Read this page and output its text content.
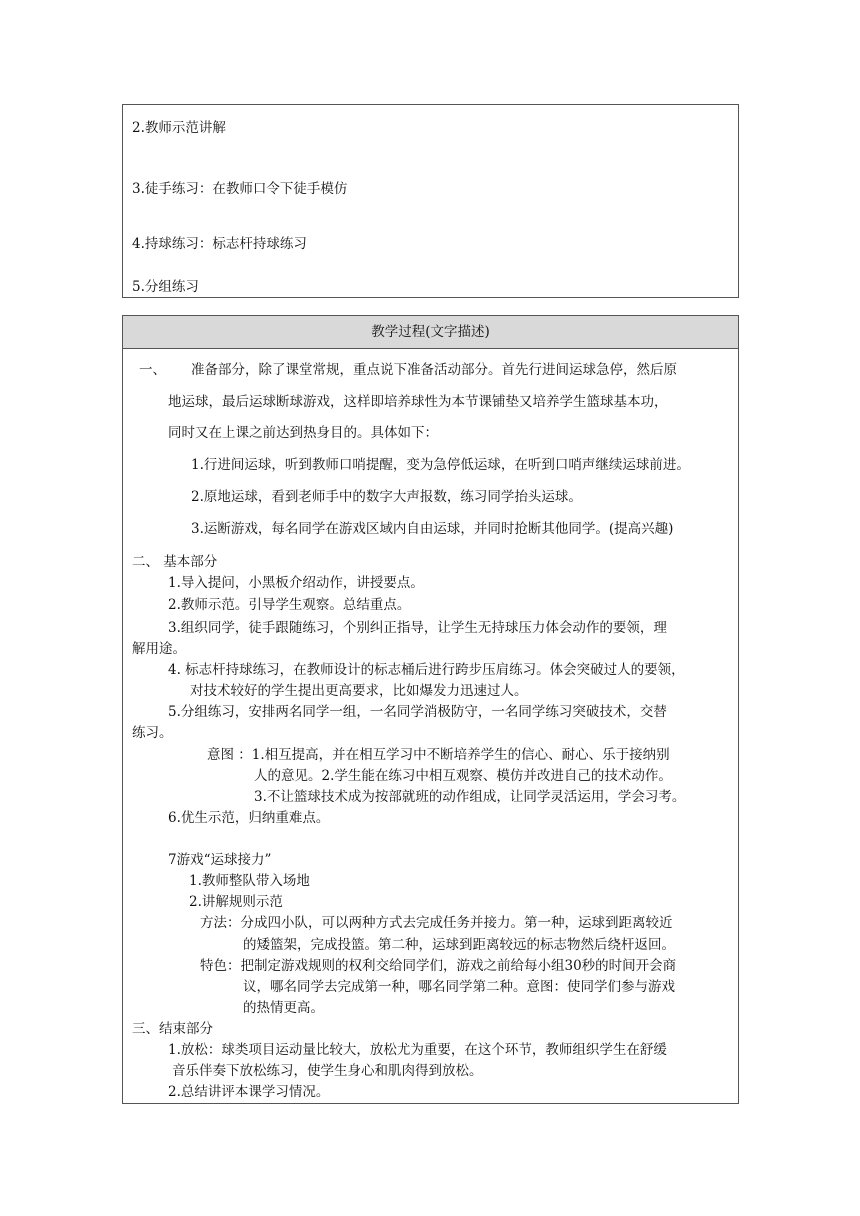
2.教师示范讲解
3.徒手练习：在教师口令下徒手模仿
4.持球练习：标志杆持球练习
5.分组练习
教学过程(文字描述)
一、 准备部分，除了课堂常规，重点说下准备活动部分。首先行进间运球急停，然后原
地运球，最后运球断球游戏，这样即培养球性为本节课铺垫又培养学生篮球基本功，
同时又在上课之前达到热身目的。具体如下：
1.行进间运球，听到教师口哨提醒，变为急停低运球，在听到口哨声继续运球前进。
2.原地运球，看到老师手中的数字大声报数，练习同学抬头运球。
3.运断游戏，每名同学在游戏区域内自由运球，并同时抢断其他同学。(提高兴趣)
二、 基本部分
1.导入提问，小黑板介绍动作，讲授要点。
2.教师示范。引导学生观察。总结重点。
3.组织同学，徒手跟随练习，个别纠正指导，让学生无持球压力体会动作的要领，理
解用途。
4. 标志杆持球练习，在教师设计的标志桶后进行跨步压肩练习。体会突破过人的要领，
对技术较好的学生提出更高要求，比如爆发力迅速过人。
5.分组练习，安排两名同学一组，一名同学消极防守，一名同学练习突破技术，交替
练习。
意图 ：1.相互提高，并在相互学习中不断培养学生的信心、耐心、乐于接纳别
人的意见。2.学生能在练习中相互观察、模仿并改进自己的技术动作。
3.不让篮球技术成为按部就班的动作组成，让同学灵活运用，学会习考。
6.优生示范，归纳重难点。
7游戏“运球接力”
1.教师整队带入场地
2.讲解规则示范
方法：分成四小队，可以两种方式去完成任务并接力。第一种，运球到距离较近
的矮篮架，完成投篮。第二种，运球到距离较远的标志物然后绕杆返回。
特色：把制定游戏规则的权利交给同学们，游戏之前给每小组30秒的时间开会商
议，哪名同学去完成第一种，哪名同学第二种。意图：使同学们参与游戏
的热情更高。
三、结束部分
1.放松：球类项目运动量比较大，放松尤为重要，在这个环节，教师组织学生在舒缓
音乐伴奏下放松练习，使学生身心和肌肉得到放松。
2.总结讲评本课学习情况。
